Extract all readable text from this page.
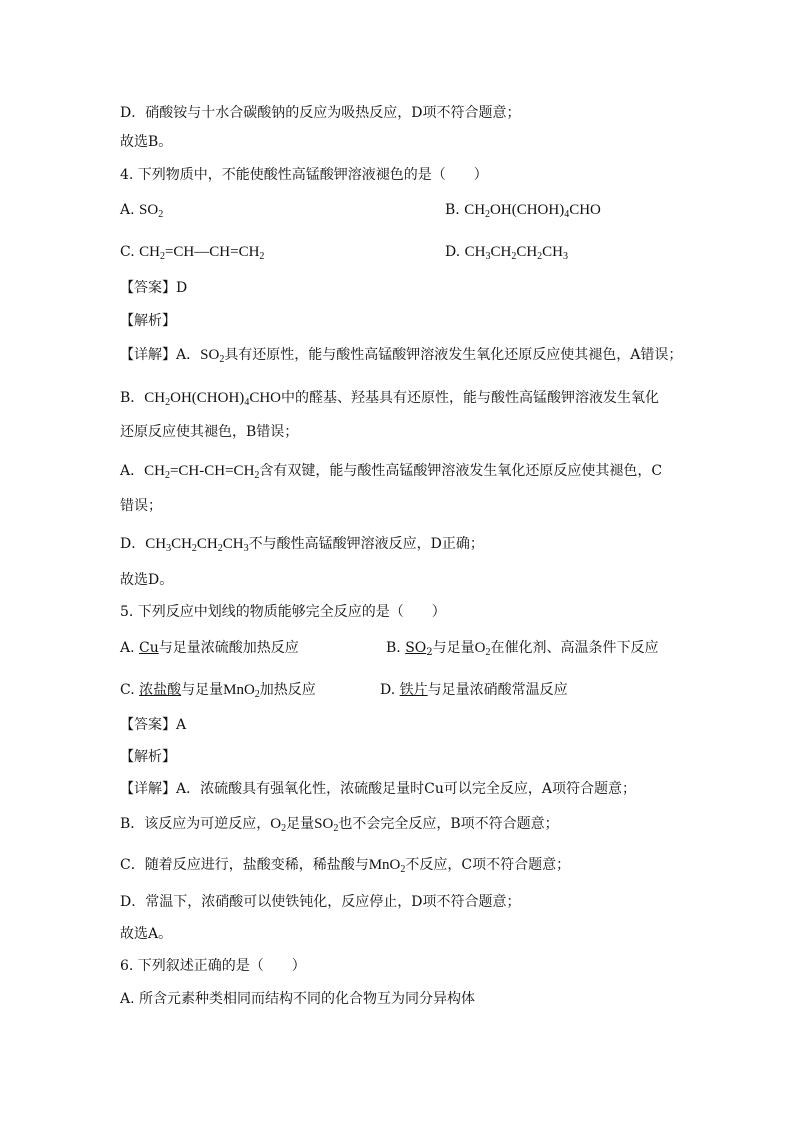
D．硝酸铵与十水合碳酸钠的反应为吸热反应，D项不符合题意；
故选B。
4. 下列物质中，不能使酸性高锰酸钾溶液褪色的是（　　）
A. $SO_2$	B. $CH_2OH(CHOH)_4CHO$
C. $CH_2=CH—CH=CH_2$	D. $CH_3CH_2CH_2CH_3$
【答案】D
【解析】
【详解】A．$SO_2$具有还原性，能与酸性高锰酸钾溶液发生氧化还原反应使其褪色，A错误；
B．$CH_2OH(CHOH)_4CHO$中的醛基、羟基具有还原性，能与酸性高锰酸钾溶液发生氧化
还原反应使其褪色，B错误；
A．$CH_2=CH-CH=CH_2$含有双键，能与酸性高锰酸钾溶液发生氧化还原反应使其褪色，C
错误；
D．$CH_3CH_2CH_2CH_3$不与酸性高锰酸钾溶液反应，D正确；
故选D。
5. 下列反应中划线的物质能够完全反应的是（　　）
A. Cu与足量浓硫酸加热反应	B. $SO_2$与足量$O_2$在催化剂、高温条件下反应
C. 浓盐酸与足量MnO$_2$加热反应	D. 铁片与足量浓硝酸常温反应
【答案】A
【解析】
【详解】A．浓硫酸具有强氧化性，浓硫酸足量时Cu可以完全反应，A项符合题意；
B．该反应为可逆反应，$O_2$足量$SO_2$也不会完全反应，B项不符合题意；
C．随着反应进行，盐酸变稀，稀盐酸与MnO$_2$不反应，C项不符合题意；
D．常温下，浓硝酸可以使铁钝化，反应停止，D项不符合题意；
故选A。
6. 下列叙述正确的是（　　）
A. 所含元素种类相同而结构不同的化合物互为同分异构体
